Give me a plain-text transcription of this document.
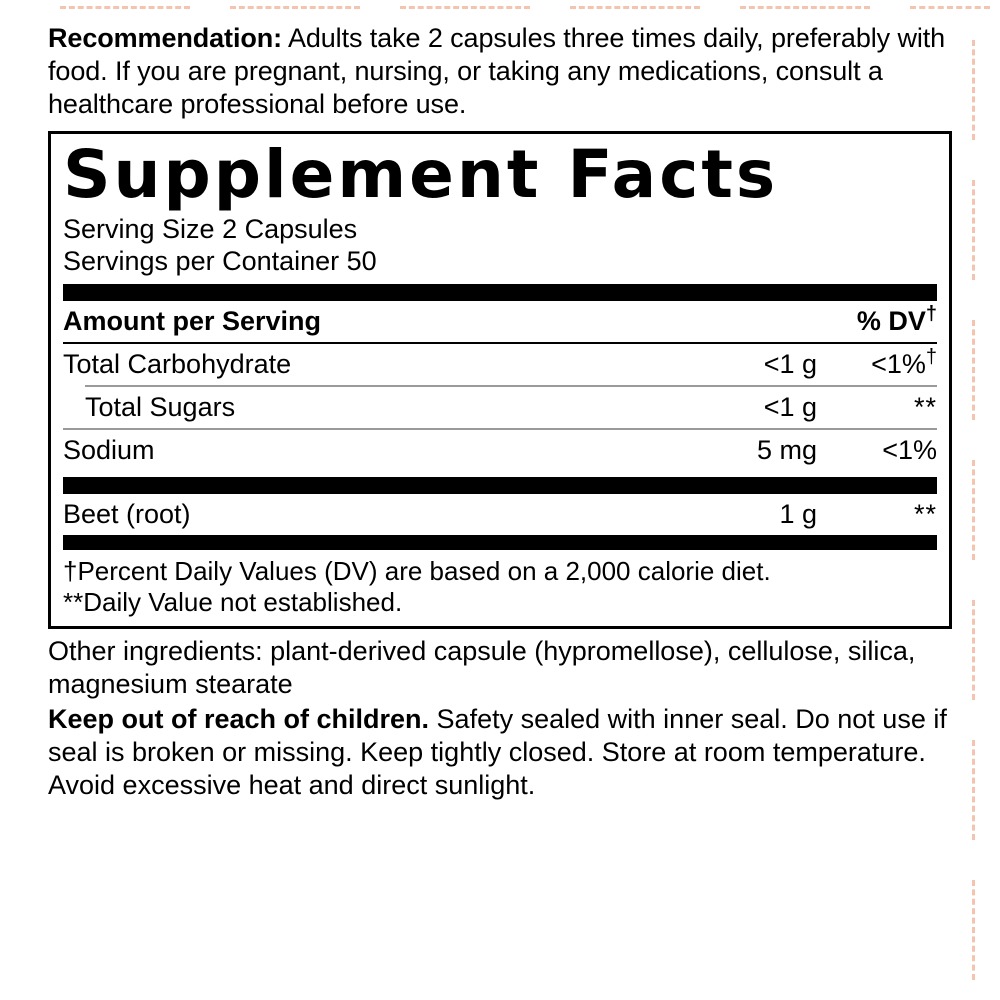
Recommendation: Adults take 2 capsules three times daily, preferably with food. If you are pregnant, nursing, or taking any medications, consult a healthcare professional before use.

Supplement Facts
Serving Size 2 Capsules
Servings per Container 50
Amount per Serving		% DV†
Total Carbohydrate	<1 g	<1%†
Total Sugars	<1 g	**
Sodium	5 mg	<1%
Beet (root)	1 g	**
†Percent Daily Values (DV) are based on a 2,000 calorie diet.
**Daily Value not established.

Other ingredients: plant-derived capsule (hypromellose), cellulose, silica, magnesium stearate

Keep out of reach of children. Safety sealed with inner seal. Do not use if seal is broken or missing. Keep tightly closed. Store at room temperature. Avoid excessive heat and direct sunlight.
